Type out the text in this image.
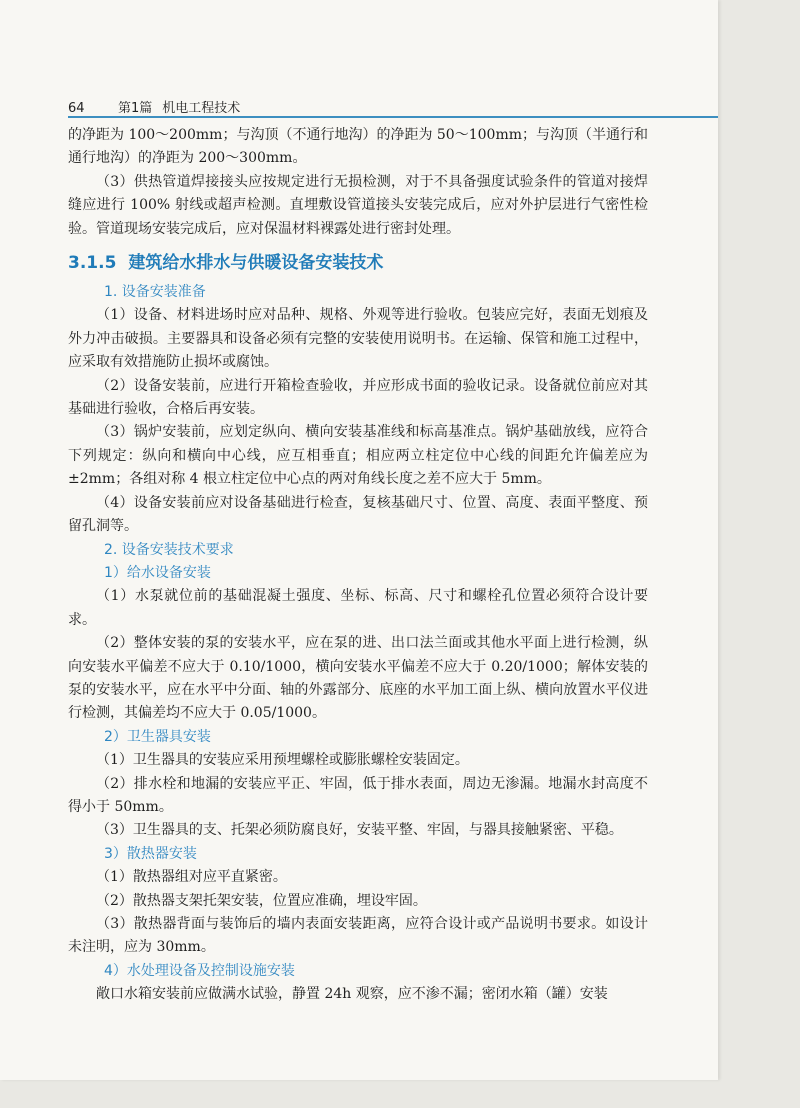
64	第1篇 机电工程技术

的净距为 100～200mm；与沟顶（不通行地沟）的净距为 50～100mm；与沟顶（半通行和通行地沟）的净距为 200～300mm。

（3）供热管道焊接接头应按规定进行无损检测，对于不具备强度试验条件的管道对接焊缝应进行 100% 射线或超声检测。直埋敷设管道接头安装完成后，应对外护层进行气密性检验。管道现场安装完成后，应对保温材料裸露处进行密封处理。

3.1.5 建筑给水排水与供暖设备安装技术
1. 设备安装准备

（1）设备、材料进场时应对品种、规格、外观等进行验收。包装应完好，表面无划痕及外力冲击破损。主要器具和设备必须有完整的安装使用说明书。在运输、保管和施工过程中，应采取有效措施防止损坏或腐蚀。

（2）设备安装前，应进行开箱检查验收，并应形成书面的验收记录。设备就位前应对其基础进行验收，合格后再安装。

（3）锅炉安装前，应划定纵向、横向安装基准线和标高基准点。锅炉基础放线，应符合下列规定：纵向和横向中心线，应互相垂直；相应两立柱定位中心线的间距允许偏差应为 ±2mm；各组对称 4 根立柱定位中心点的两对角线长度之差不应大于 5mm。

（4）设备安装前应对设备基础进行检查，复核基础尺寸、位置、高度、表面平整度、预留孔洞等。

2. 设备安装技术要求
1）给水设备安装

（1）水泵就位前的基础混凝土强度、坐标、标高、尺寸和螺栓孔位置必须符合设计要求。

（2）整体安装的泵的安装水平，应在泵的进、出口法兰面或其他水平面上进行检测，纵向安装水平偏差不应大于 0.10/1000，横向安装水平偏差不应大于 0.20/1000；解体安装的泵的安装水平，应在水平中分面、轴的外露部分、底座的水平加工面上纵、横向放置水平仪进行检测，其偏差均不应大于 0.05/1000。

2）卫生器具安装

（1）卫生器具的安装应采用预埋螺栓或膨胀螺栓安装固定。

（2）排水栓和地漏的安装应平正、牢固，低于排水表面，周边无渗漏。地漏水封高度不得小于 50mm。

（3）卫生器具的支、托架必须防腐良好，安装平整、牢固，与器具接触紧密、平稳。

3）散热器安装

（1）散热器组对应平直紧密。

（2）散热器支架托架安装，位置应准确，埋设牢固。

（3）散热器背面与装饰后的墙内表面安装距离，应符合设计或产品说明书要求。如设计未注明，应为 30mm。

4）水处理设备及控制设施安装

敞口水箱安装前应做满水试验，静置 24h 观察，应不渗不漏；密闭水箱（罐）安装
